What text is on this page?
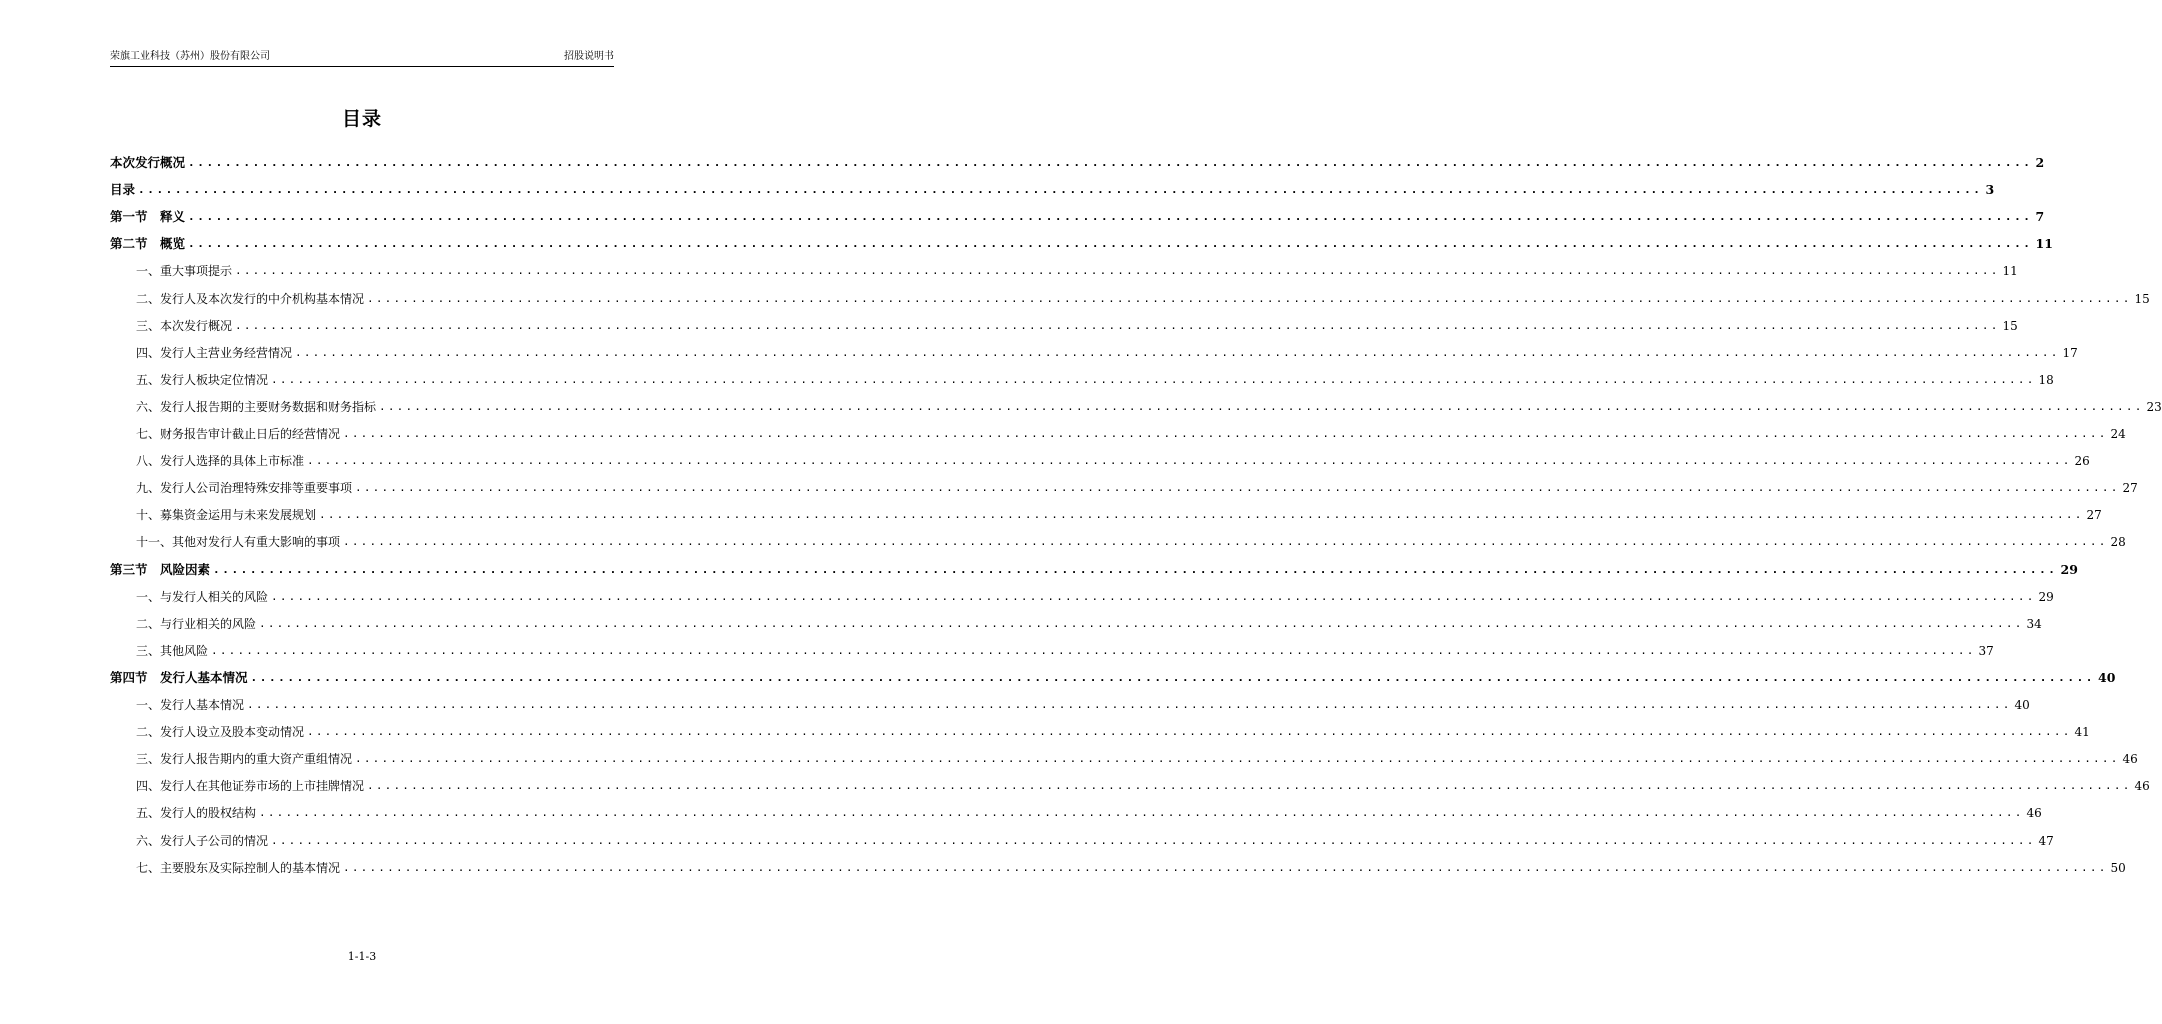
荣旗工业科技（苏州）股份有限公司	招股说明书
目录
本次发行概况 ........................................................................................................................................................................................................ 2
目录 ........................................................................................................................................................................................................ 3
第一节　释义 ........................................................................................................................................................................................................ 7
第二节　概览 ........................................................................................................................................................................................................ 11
一、重大事项提示 ........................................................................................................................................................................................................ 11
二、发行人及本次发行的中介机构基本情况 ........................................................................................................................................................................................................ 15
三、本次发行概况 ........................................................................................................................................................................................................ 15
四、发行人主营业务经营情况 ........................................................................................................................................................................................................ 17
五、发行人板块定位情况 ........................................................................................................................................................................................................ 18
六、发行人报告期的主要财务数据和财务指标 ........................................................................................................................................................................................................ 23
七、财务报告审计截止日后的经营情况 ........................................................................................................................................................................................................ 24
八、发行人选择的具体上市标准 ........................................................................................................................................................................................................ 26
九、发行人公司治理特殊安排等重要事项 ........................................................................................................................................................................................................ 27
十、募集资金运用与未来发展规划 ........................................................................................................................................................................................................ 27
十一、其他对发行人有重大影响的事项 ........................................................................................................................................................................................................ 28
第三节　风险因素 ........................................................................................................................................................................................................ 29
一、与发行人相关的风险 ........................................................................................................................................................................................................ 29
二、与行业相关的风险 ........................................................................................................................................................................................................ 34
三、其他风险 ........................................................................................................................................................................................................ 37
第四节　发行人基本情况 ........................................................................................................................................................................................................ 40
一、发行人基本情况 ........................................................................................................................................................................................................ 40
二、发行人设立及股本变动情况 ........................................................................................................................................................................................................ 41
三、发行人报告期内的重大资产重组情况 ........................................................................................................................................................................................................ 46
四、发行人在其他证券市场的上市挂牌情况 ........................................................................................................................................................................................................ 46
五、发行人的股权结构 ........................................................................................................................................................................................................ 46
六、发行人子公司的情况 ........................................................................................................................................................................................................ 47
七、主要股东及实际控制人的基本情况 ........................................................................................................................................................................................................ 50
1-1-3
